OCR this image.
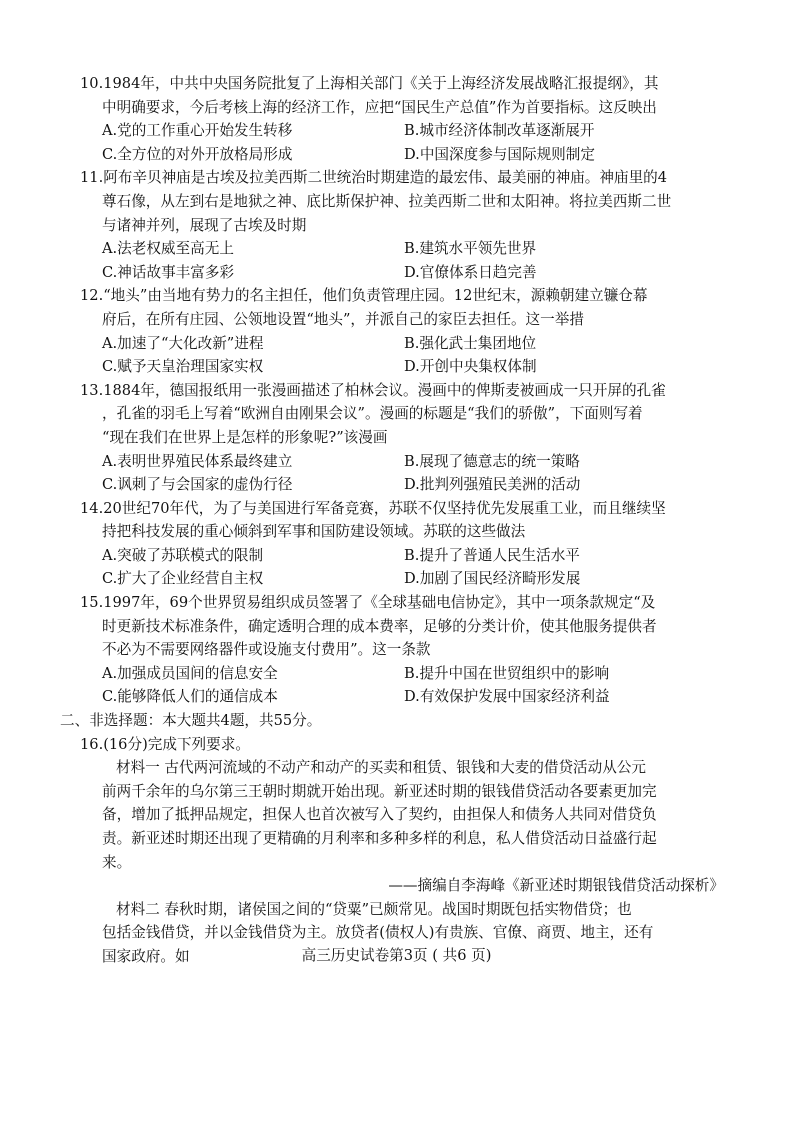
10.1984年，中共中央国务院批复了上海相关部门《关于上海经济发展战略汇报提纲》，其
中明确要求，今后考核上海的经济工作，应把“国民生产总值”作为首要指标。这反映出
A.党的工作重心开始发生转移	B.城市经济体制改革逐渐展开
C.全方位的对外开放格局形成	D.中国深度参与国际规则制定
11.阿布辛贝神庙是古埃及拉美西斯二世统治时期建造的最宏伟、最美丽的神庙。神庙里的4
尊石像，从左到右是地狱之神、底比斯保护神、拉美西斯二世和太阳神。将拉美西斯二世
与诸神并列，展现了古埃及时期
A.法老权威至高无上	B.建筑水平领先世界
C.神话故事丰富多彩	D.官僚体系日趋完善
12.“地头”由当地有势力的名主担任，他们负责管理庄园。12世纪末，源赖朝建立镰仓幕
府后，在所有庄园、公领地设置“地头”，并派自己的家臣去担任。这一举措
A.加速了“大化改新”进程	B.强化武士集团地位
C.赋予天皇治理国家实权	D.开创中央集权体制
13.1884年，德国报纸用一张漫画描述了柏林会议。漫画中的俾斯麦被画成一只开屏的孔雀
，孔雀的羽毛上写着“欧洲自由刚果会议”。漫画的标题是“我们的骄傲”，下面则写着
“现在我们在世界上是怎样的形象呢?”该漫画
A.表明世界殖民体系最终建立	B.展现了德意志的统一策略
C.讽刺了与会国家的虚伪行径	D.批判列强殖民美洲的活动
14.20世纪70年代，为了与美国进行军备竞赛，苏联不仅坚持优先发展重工业，而且继续坚
持把科技发展的重心倾斜到军事和国防建设领域。苏联的这些做法
A.突破了苏联模式的限制	B.提升了普通人民生活水平
C.扩大了企业经营自主权	D.加剧了国民经济畸形发展
15.1997年，69个世界贸易组织成员签署了《全球基础电信协定》，其中一项条款规定“及
时更新技术标准条件，确定透明合理的成本费率，足够的分类计价，使其他服务提供者
不必为不需要网络器件或设施支付费用”。这一条款
A.加强成员国间的信息安全	B.提升中国在世贸组织中的影响
C.能够降低人们的通信成本	D.有效保护发展中国家经济利益
二、非选择题：本大题共4题，共55分。
16.(16分)完成下列要求。
材料一 古代两河流域的不动产和动产的买卖和租赁、银钱和大麦的借贷活动从公元
前两千余年的乌尔第三王朝时期就开始出现。新亚述时期的银钱借贷活动各要素更加完
备，增加了抵押品规定，担保人也首次被写入了契约，由担保人和债务人共同对借贷负
责。新亚述时期还出现了更精确的月利率和多种多样的利息，私人借贷活动日益盛行起
来。
——摘编自李海峰《新亚述时期银钱借贷活动探析》
材料二 春秋时期，诸侯国之间的“贷粟”已颇常见。战国时期既包括实物借贷；也
包括金钱借贷，并以金钱借贷为主。放贷者(债权人)有贵族、官僚、商贾、地主，还有
国家政府。如	高三历史试卷第3页 ( 共6 页)
